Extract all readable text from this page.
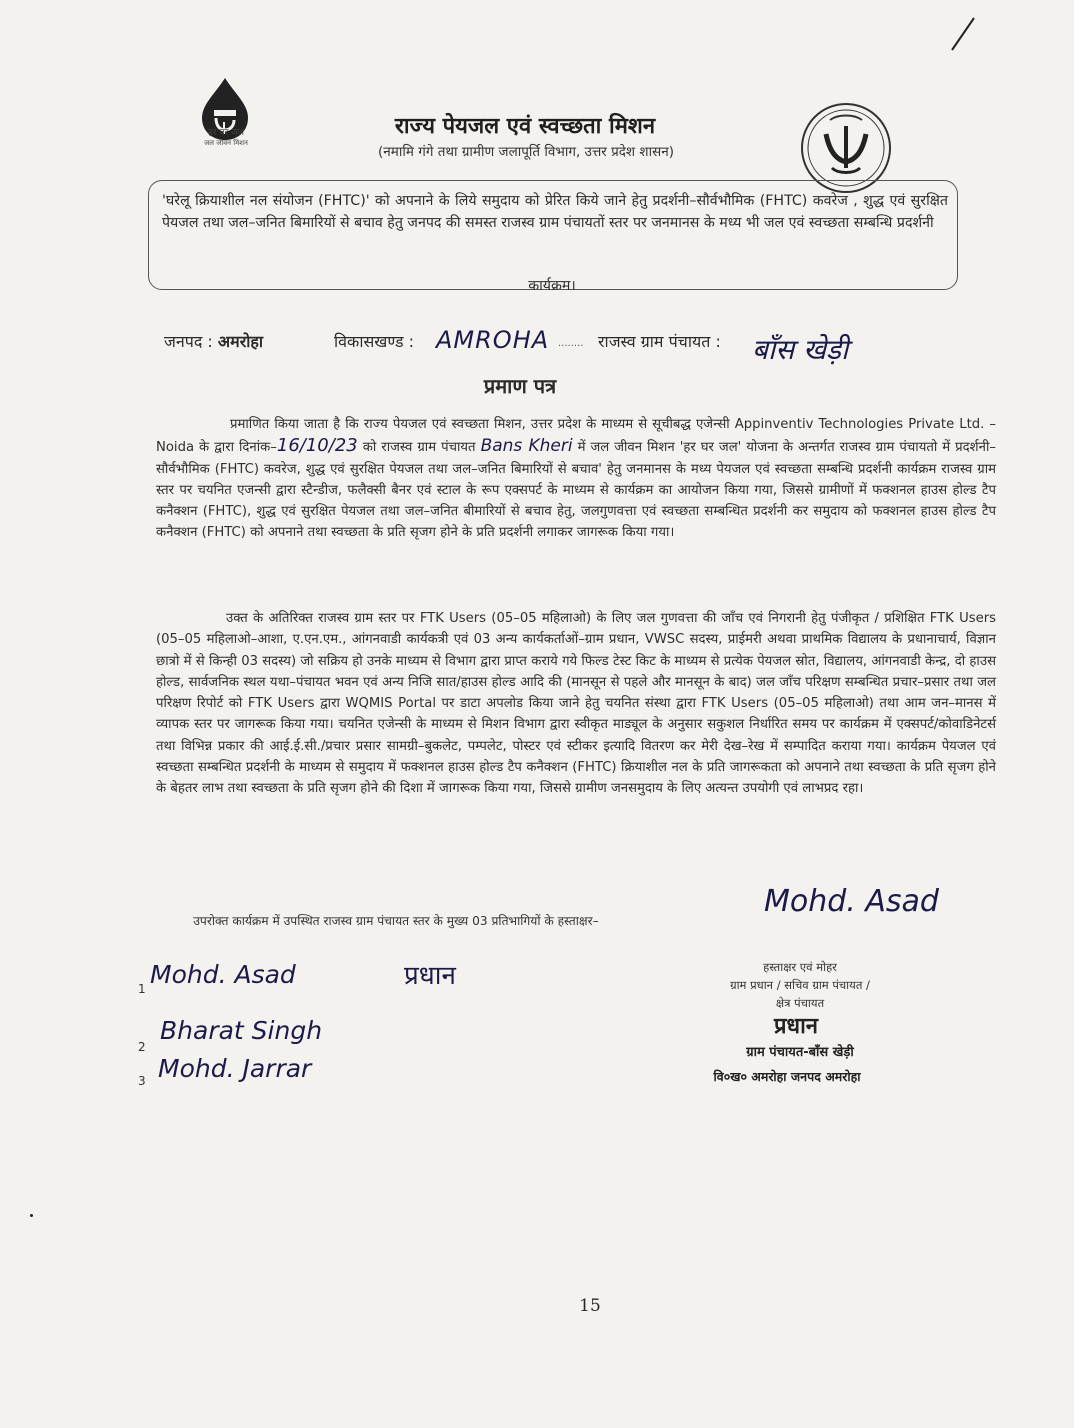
हर घर जल
जल जीवन मिशन
राज्य पेयजल एवं स्वच्छता मिशन
(नमामि गंगे तथा ग्रामीण जलापूर्ति विभाग, उत्तर प्रदेश शासन)
'घरेलू क्रियाशील नल संयोजन (FHTC)' को अपनाने के लिये समुदाय को प्रेरित किये जाने हेतु प्रदर्शनी–सौर्वभौमिक (FHTC) कवरेज , शुद्ध एवं सुरक्षित पेयजल तथा जल–जनित बिमारियों से बचाव हेतु जनपद की समस्त राजस्व ग्राम पंचायतों स्तर पर जनमानस के मध्य भी जल एवं स्वच्छता सम्बन्धि प्रदर्शनी
कार्यक्रम।
जनपद : अमरोहा	विकासखण्ड : AMROHA ........ राजस्व ग्राम पंचायत : बाँस खेड़ी
प्रमाण पत्र
प्रमाणित किया जाता है कि राज्य पेयजल एवं स्वच्छता मिशन, उत्तर प्रदेश के माध्यम से सूचीबद्ध एजेन्सी Appinventiv Technologies Private Ltd. – Noida के द्वारा दिनांक–16/10/23 को राजस्व ग्राम पंचायत Bans Kheri में जल जीवन मिशन 'हर घर जल' योजना के अन्तर्गत राजस्व ग्राम पंचायतो में प्रदर्शनी–सौर्वभौमिक (FHTC) कवरेज, शुद्ध एवं सुरक्षित पेयजल तथा जल–जनित बिमारियों से बचाव' हेतु जनमानस के मध्य पेयजल एवं स्वच्छता सम्बन्धि प्रदर्शनी कार्यक्रम राजस्व ग्राम स्तर पर चयनित एजन्सी द्वारा स्टैन्डीज, फलैक्सी बैनर एवं स्टाल के रूप एक्सपर्ट के माध्यम से कार्यक्रम का आयोजन किया गया, जिससे ग्रामीणों में फक्शनल हाउस होल्ड टैप कनैक्शन (FHTC), शुद्ध एवं सुरक्षित पेयजल तथा जल–जनित बीमारियों से बचाव हेतु, जलगुणवत्ता एवं स्वच्छता सम्बन्धित प्रदर्शनी कर समुदाय को फक्शनल हाउस होल्ड टैप कनैक्शन (FHTC) को अपनाने तथा स्वच्छता के प्रति सृजग होने के प्रति प्रदर्शनी लगाकर जागरूक किया गया।
उक्त के अतिरिक्त राजस्व ग्राम स्तर पर FTK Users (05–05 महिलाओ) के लिए जल गुणवत्ता की जाँच एवं निगरानी हेतु पंजीकृत / प्रशिक्षित FTK Users (05–05 महिलाओ–आशा, ए.एन.एम., आंगनवाडी कार्यकत्री एवं 03 अन्य कार्यकर्ताओं–ग्राम प्रधान, VWSC सदस्य, प्राईमरी अथवा प्राथमिक विद्यालय के प्रधानाचार्य, विज्ञान छात्रो में से किन्ही 03 सदस्य) जो सक्रिय हो उनके माध्यम से विभाग द्वारा प्राप्त कराये गये फिल्ड टेस्ट किट के माध्यम से प्रत्येक पेयजल स्रोत, विद्यालय, आंगनवाडी केन्द्र, दो हाउस होल्ड, सार्वजनिक स्थल यथा–पंचायत भवन एवं अन्य निजि सात/हाउस होल्ड आदि की (मानसून से पहले और मानसून के बाद) जल जाँच परिक्षण सम्बन्धित प्रचार–प्रसार तथा जल परिक्षण रिपोर्ट को FTK Users द्वारा WQMIS Portal पर डाटा अपलोड किया जाने हेतु चयनित संस्था द्वारा FTK Users (05–05 महिलाओ) तथा आम जन–मानस में व्यापक स्तर पर जागरूक किया गया। चयनित एजेन्सी के माध्यम से मिशन विभाग द्वारा स्वीकृत माड्यूल के अनुसार सकुशल निर्धारित समय पर कार्यक्रम में एक्सपर्ट/कोवाडिनेटर्स तथा विभिन्न प्रकार की आई.ई.सी./प्रचार प्रसार सामग्री–बुकलेट, पम्पलेट, पोस्टर एवं स्टीकर इत्यादि वितरण कर मेरी देख–रेख में सम्पादित कराया गया। कार्यक्रम पेयजल एवं स्वच्छता सम्बन्धित प्रदर्शनी के माध्यम से समुदाय में फक्शनल हाउस होल्ड टैप कनैक्शन (FHTC) क्रियाशील नल के प्रति जागरूकता को अपनाने तथा स्वच्छता के प्रति सृजग होने के बेहतर लाभ तथा स्वच्छता के प्रति सृजग होने की दिशा में जागरूक किया गया, जिससे ग्रामीण जनसमुदाय के लिए अत्यन्त उपयोगी एवं लाभप्रद रहा।
उपरोक्त कार्यक्रम में उपस्थित राजस्व ग्राम पंचायत स्तर के मुख्य 03 प्रतिभागियों के हस्ताक्षर–
Mohd. Asad
1 Mohd. Asad	प्रधान
2
Bharat Singh
3 Mohd. Jarrar
हस्ताक्षर एवं मोहर
ग्राम प्रधान / सचिव ग्राम पंचायत /
क्षेत्र पंचायत
प्रधान
ग्राम पंचायत-बाँस खेड़ी
वि०ख० अमरोहा जनपद अमरोहा
15
